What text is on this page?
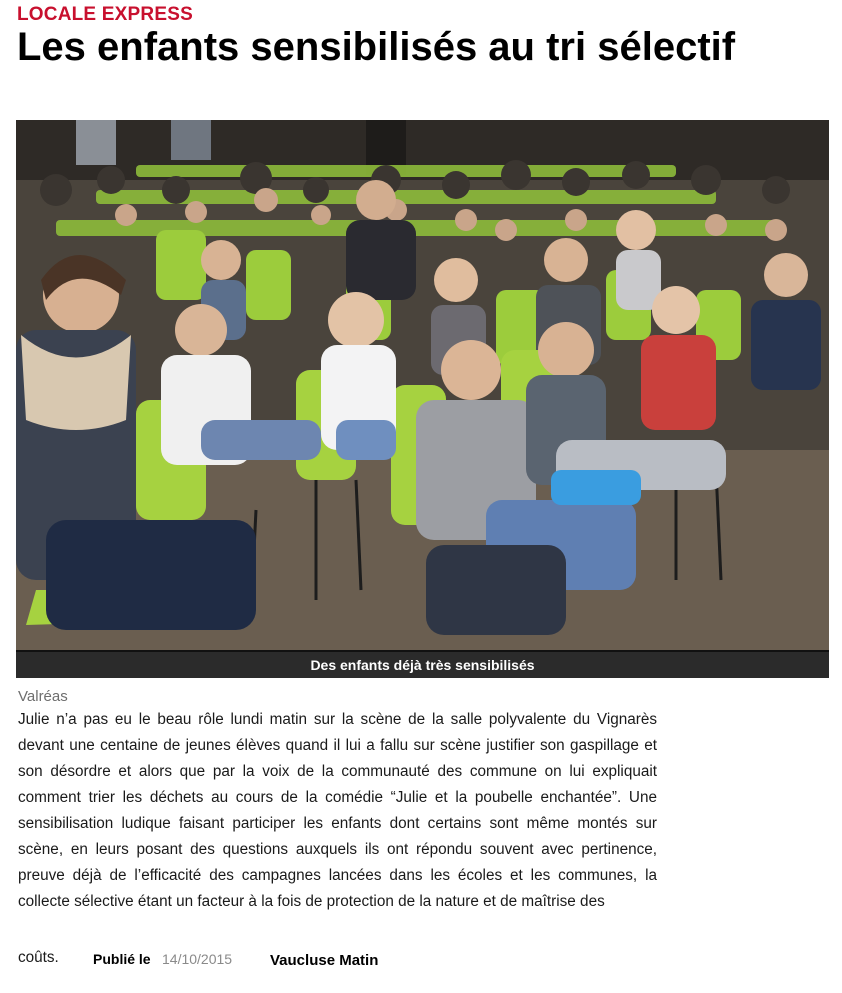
LOCALE EXPRESS
Les enfants sensibilisés au tri sélectif
Des enfants déjà très sensibilisés
Valréas

Julie n’a pas eu le beau rôle lundi matin sur la scène de la salle polyvalente du Vignarès devant une centaine de jeunes élèves quand il lui a fallu sur scène justifier son gaspillage et son désordre et alors que par la voix de la communauté des commune on lui expliquait comment trier les déchets au cours de la comédie “Julie et la poubelle enchantée”. Une sensibilisation ludique faisant participer les enfants dont certains sont même montés sur scène, en leurs posant des questions auxquels ils ont répondu souvent avec pertinence, preuve déjà de l’efficacité des campagnes lancées dans les écoles et les communes, la collecte sélective étant un facteur à la fois de protection de la nature et de maîtrise des

coûts. Publié le 14/10/2015	Vaucluse Matin
